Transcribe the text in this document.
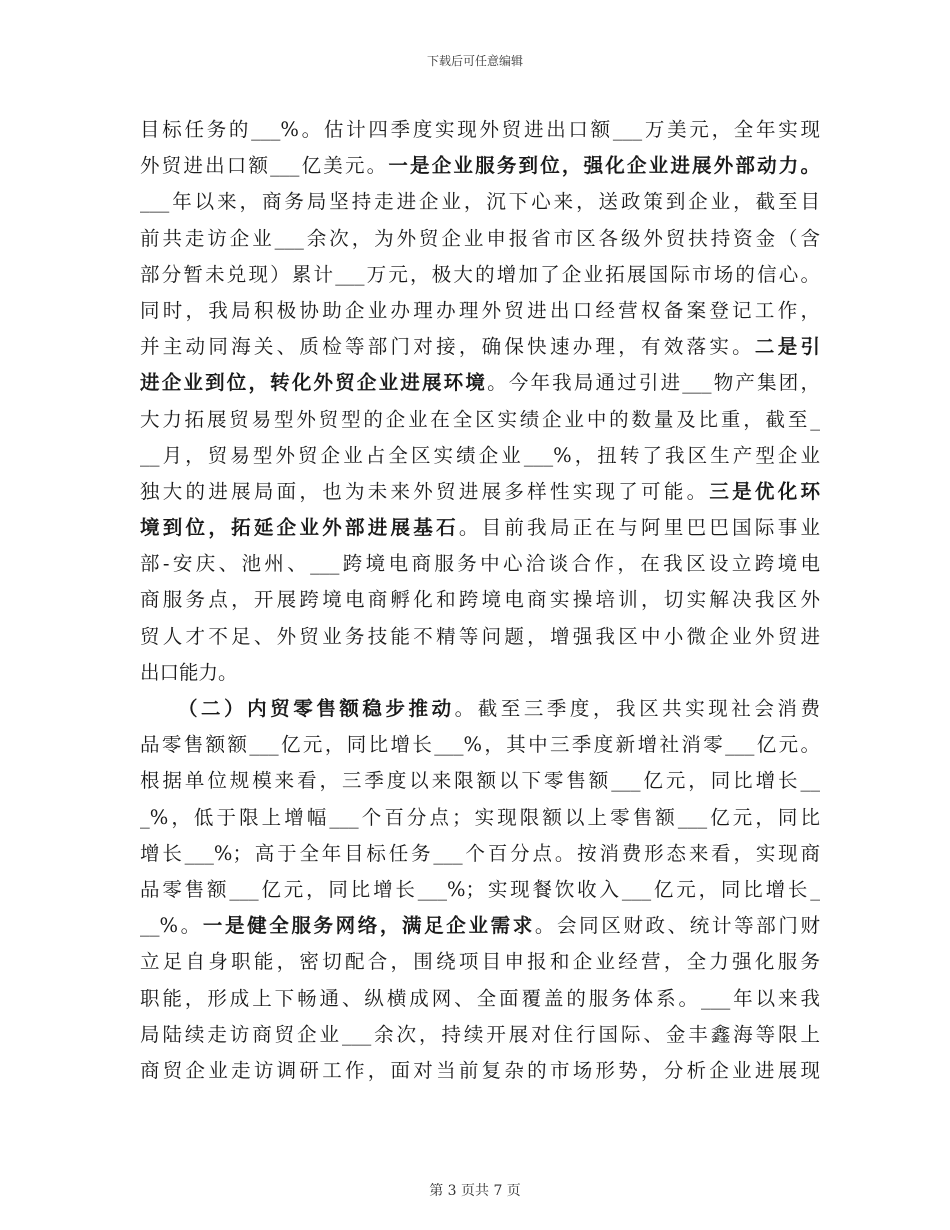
下载后可任意编辑
目标任务的___%。估计四季度实现外贸进出口额___万美元，全年实现
外贸进出口额___亿美元。一是企业服务到位，强化企业进展外部动力。
___年以来，商务局坚持走进企业，沉下心来，送政策到企业，截至目
前共走访企业___余次，为外贸企业申报省市区各级外贸扶持资金（含
部分暂未兑现）累计___万元，极大的增加了企业拓展国际市场的信心。
同时，我局积极协助企业办理办理外贸进出口经营权备案登记工作，
并主动同海关、质检等部门对接，确保快速办理，有效落实。二是引
进企业到位，转化外贸企业进展环境。今年我局通过引进___物产集团，
大力拓展贸易型外贸型的企业在全区实绩企业中的数量及比重，截至_
__月，贸易型外贸企业占全区实绩企业___%，扭转了我区生产型企业
独大的进展局面，也为未来外贸进展多样性实现了可能。三是优化环
境到位，拓延企业外部进展基石。目前我局正在与阿里巴巴国际事业
部-安庆、池州、___跨境电商服务中心洽谈合作，在我区设立跨境电
商服务点，开展跨境电商孵化和跨境电商实操培训，切实解决我区外
贸人才不足、外贸业务技能不精等问题，增强我区中小微企业外贸进
出口能力。
（二）内贸零售额稳步推动。截至三季度，我区共实现社会消费
品零售额额___亿元，同比增长___%，其中三季度新增社消零___亿元。
根据单位规模来看，三季度以来限额以下零售额___亿元，同比增长__
_%，低于限上增幅___个百分点；实现限额以上零售额___亿元，同比
增长___%；高于全年目标任务___个百分点。按消费形态来看，实现商
品零售额___亿元，同比增长___%；实现餐饮收入___亿元，同比增长_
__%。一是健全服务网络，满足企业需求。会同区财政、统计等部门财
立足自身职能，密切配合，围绕项目申报和企业经营，全力强化服务
职能，形成上下畅通、纵横成网、全面覆盖的服务体系。___年以来我
局陆续走访商贸企业___余次，持续开展对住行国际、金丰鑫海等限上
商贸企业走访调研工作，面对当前复杂的市场形势，分析企业进展现
第 3 页共 7 页
